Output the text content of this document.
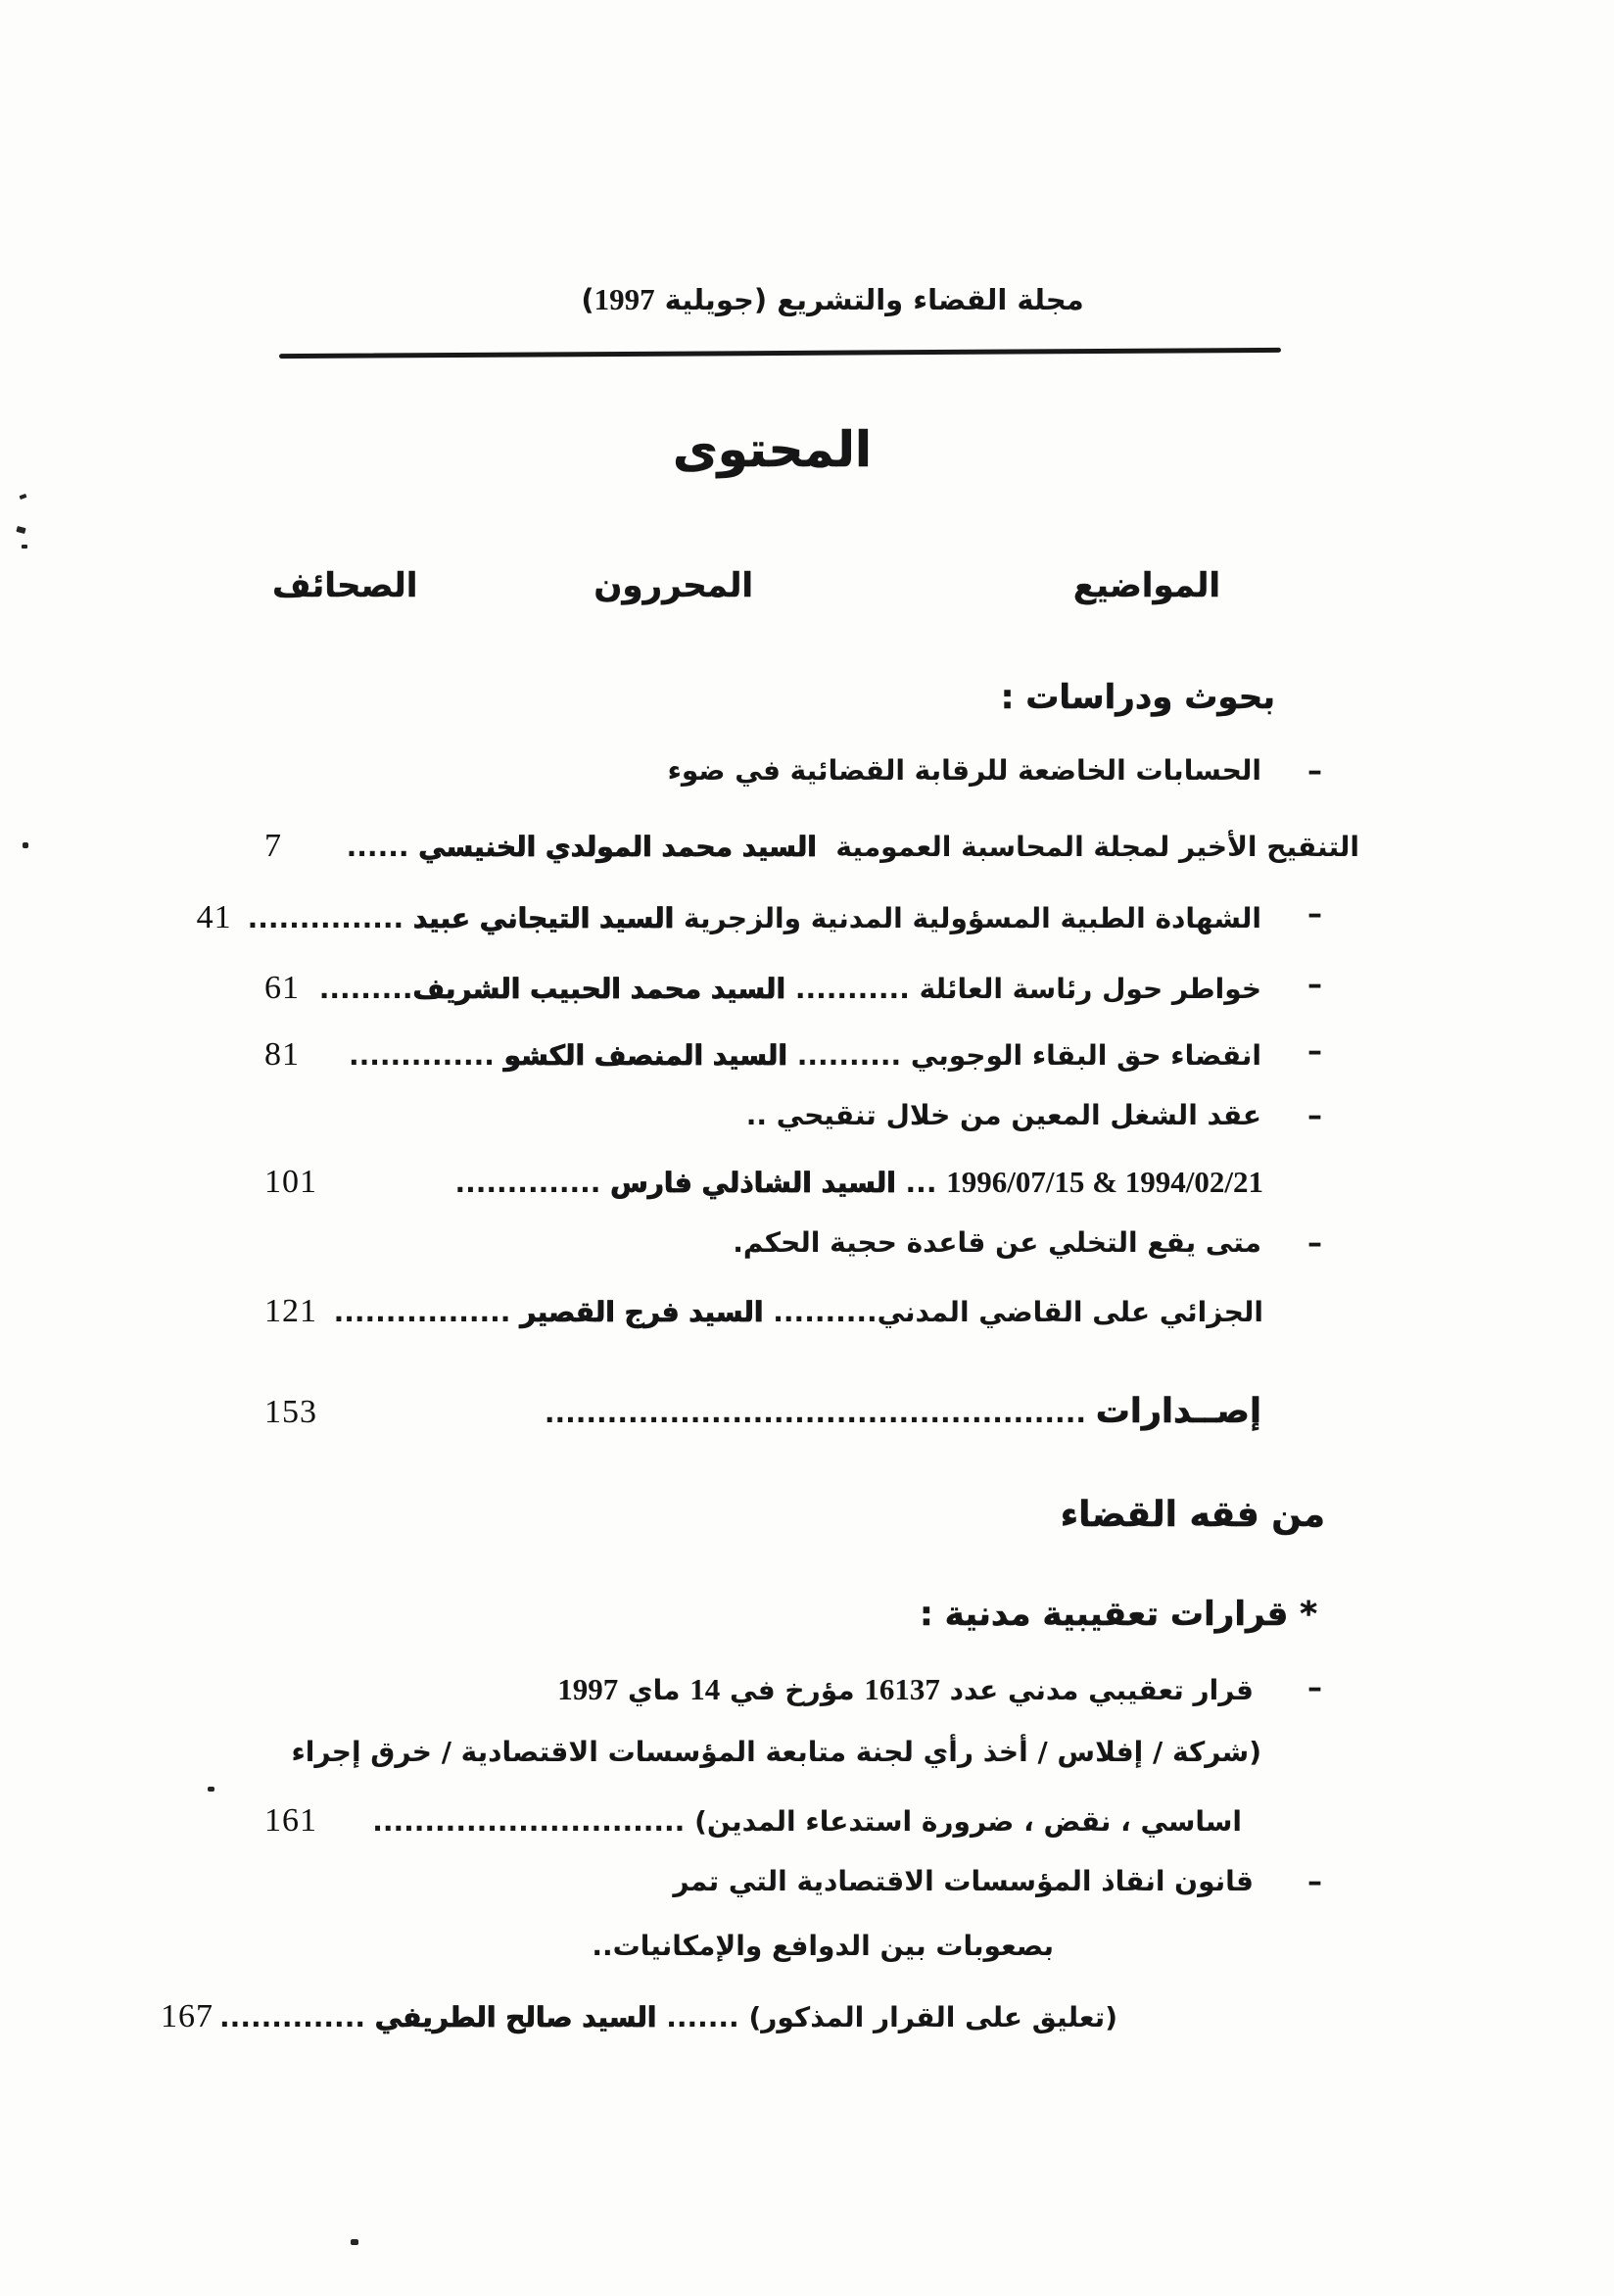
مجلة القضاء والتشريع (جويلية 1997)
المحتوى
المواضيع
المحررون
الصحائف
بحوث ودراسات :
–
الحسابات الخاضعة للرقابة القضائية في ضوء
التنقيح الأخير لمجلة المحاسبة العمومية  السيد محمد المولدي الخنيسي ......
7
–
الشهادة الطبية المسؤولية المدنية والزجرية السيد التيجاني عبيد ...............
41
–
خواطر حول رئاسة العائلة ........... السيد محمد الحبيب الشريف.........
61
–
انقضاء حق البقاء الوجوبي .......... السيد المنصف الكشو ..............
81
–
عقد الشغل المعين من خلال تنقيحي ..
1994/02/21 & 1996/07/15 ... السيد الشاذلي فارس ..............
101
–
متى يقع التخلي عن قاعدة حجية الحكم.
الجزائي على القاضي المدني.......... السيد فرج القصير .................
121
إصــدارات ....................................................
153
من فقه القضاء
* قرارات تعقيبية مدنية :
–
قرار تعقيبي مدني عدد 16137 مؤرخ في 14 ماي 1997
(شركة / إفلاس / أخذ رأي لجنة متابعة المؤسسات الاقتصادية / خرق إجراء
اساسي ، نقض ، ضرورة استدعاء المدين) ..............................
161
–
قانون انقاذ المؤسسات الاقتصادية التي تمر
بصعوبات بين الدوافع والإمكانيات..
(تعليق على القرار المذكور) ....... السيد صالح الطريفي ..............
167
